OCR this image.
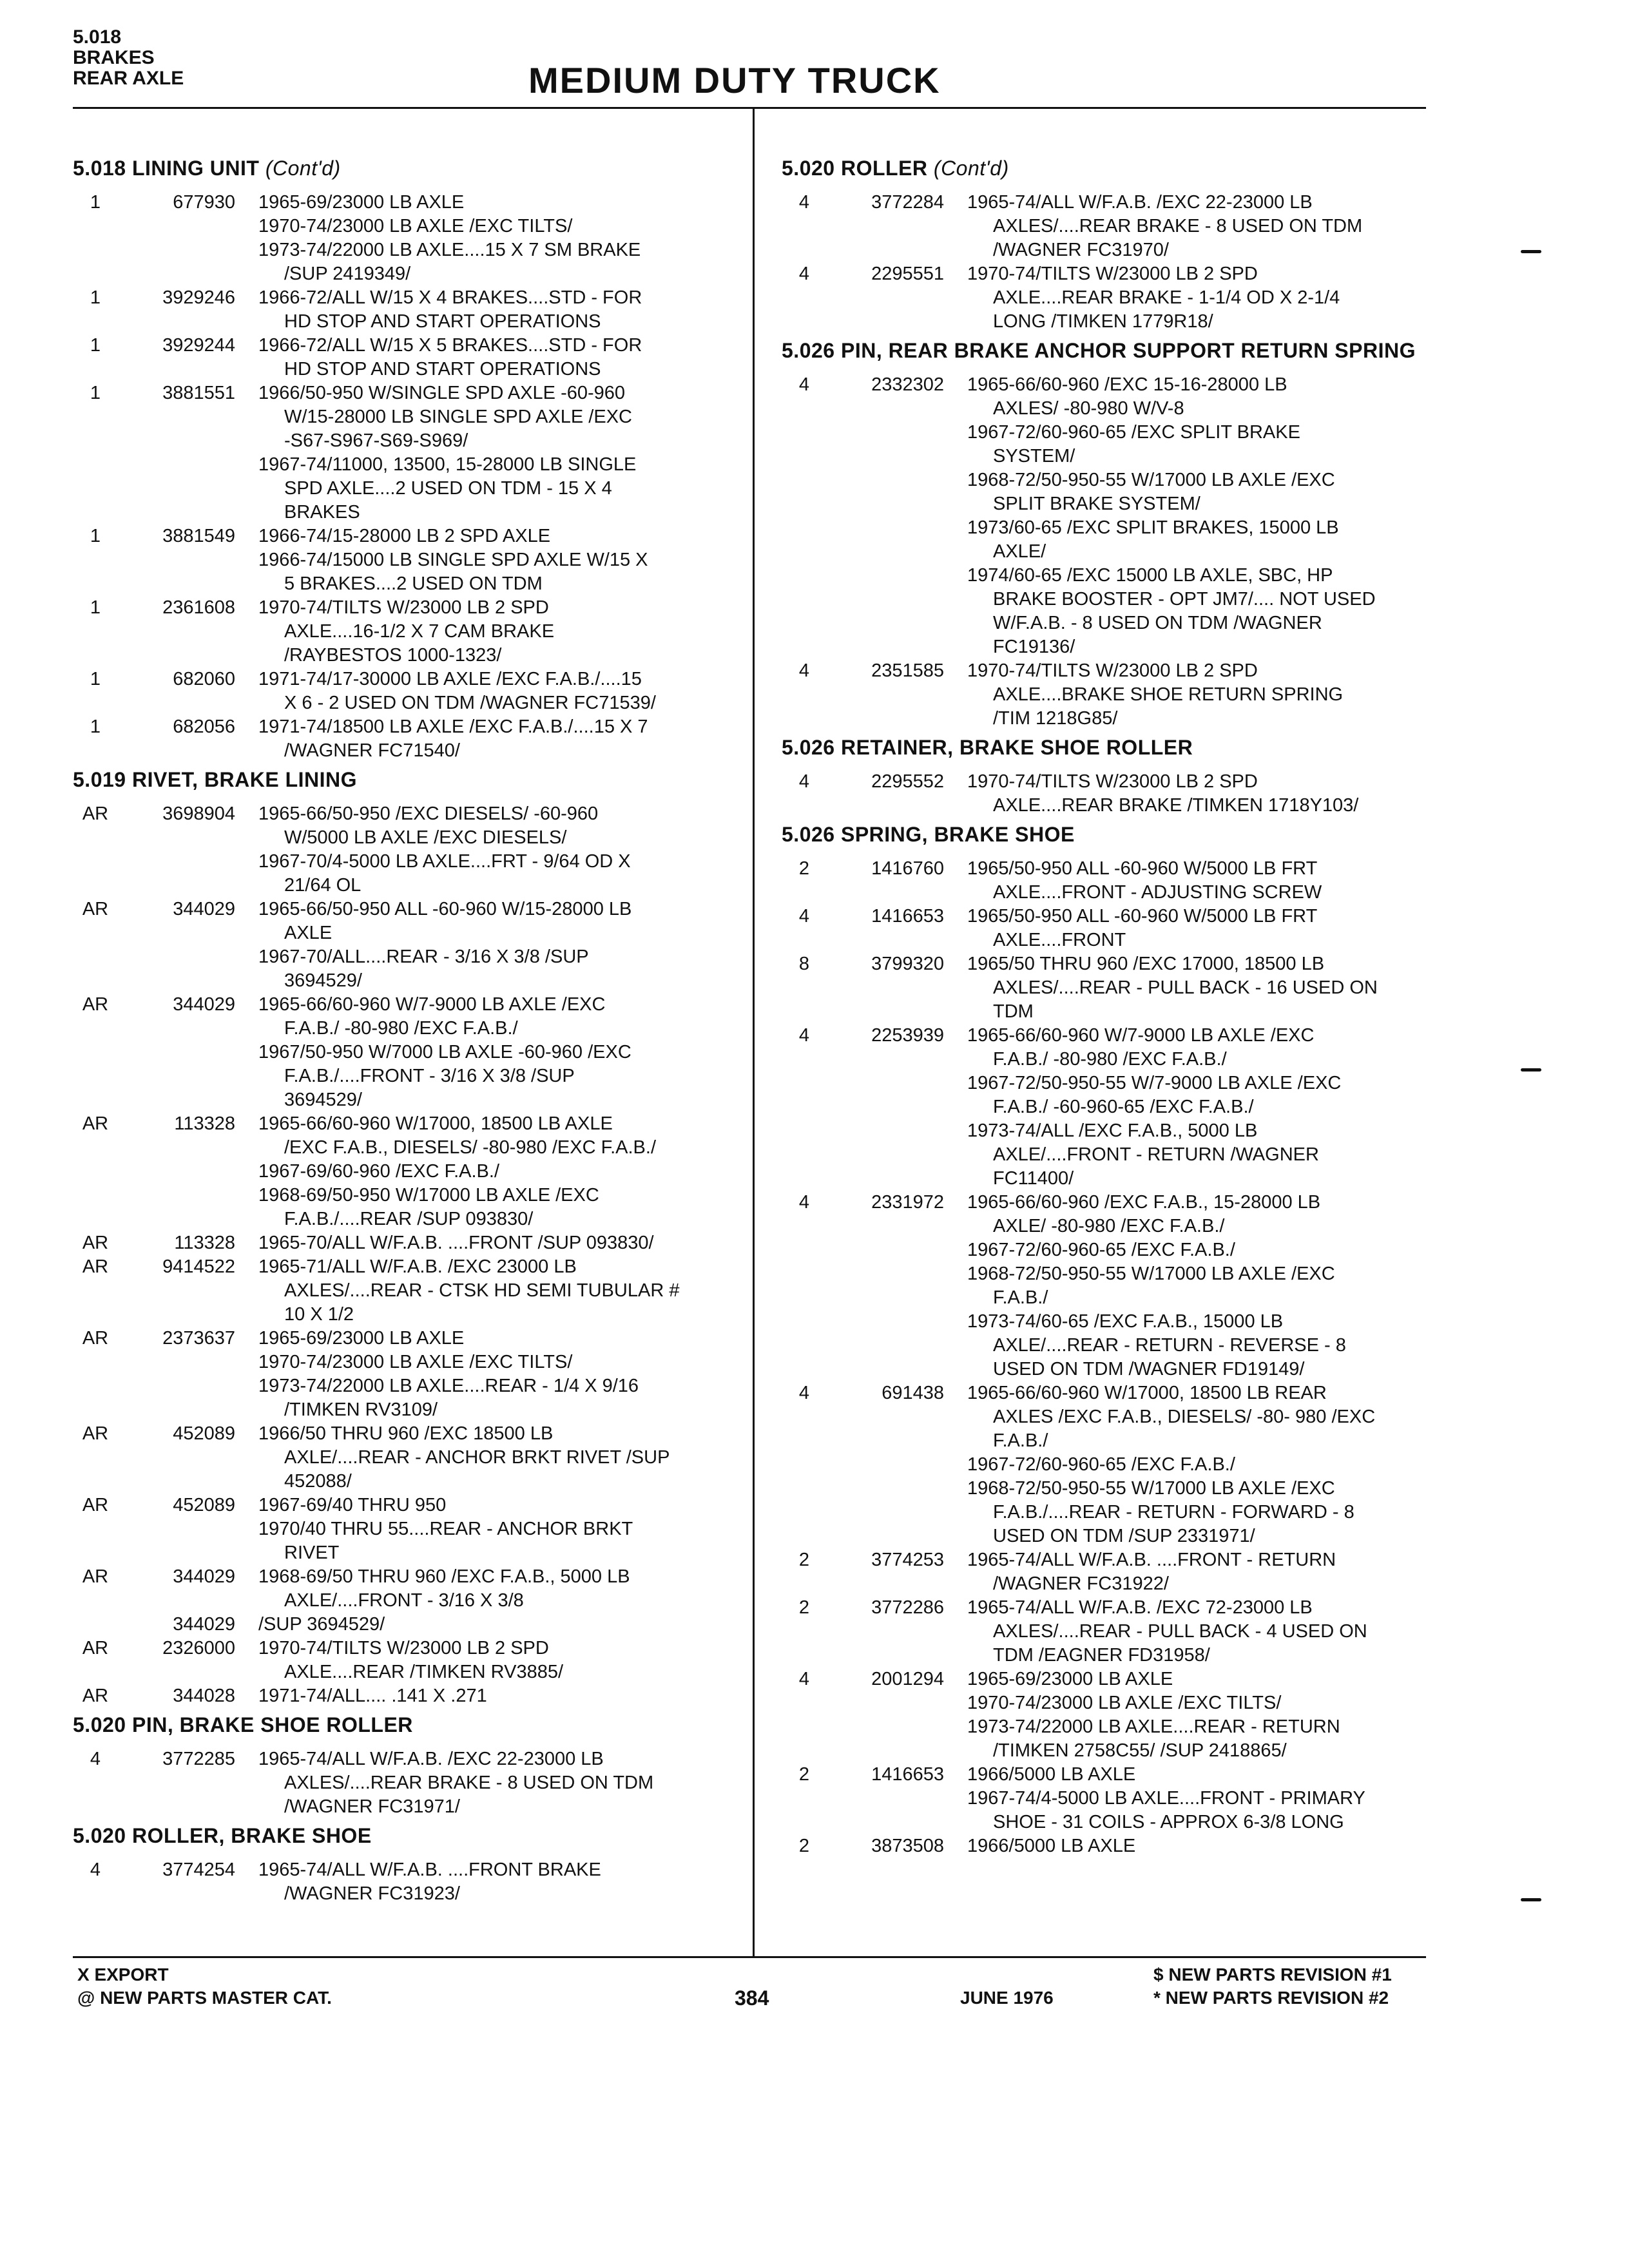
5.018
BRAKES
REAR AXLE	MEDIUM DUTY TRUCK
5.018 LINING UNIT (Cont'd)
1	677930	1965-69/23000 LB AXLE
1970-74/23000 LB AXLE /EXC TILTS/
1973-74/22000 LB AXLE....15 X 7 SM BRAKE
/SUP 2419349/
1	3929246	1966-72/ALL W/15 X 4 BRAKES....STD - FOR
HD STOP AND START OPERATIONS
1	3929244	1966-72/ALL W/15 X 5 BRAKES....STD - FOR
HD STOP AND START OPERATIONS
1	3881551	1966/50-950 W/SINGLE SPD AXLE -60-960
W/15-28000 LB SINGLE SPD AXLE /EXC
-S67-S967-S69-S969/
1967-74/11000, 13500, 15-28000 LB SINGLE
SPD AXLE....2 USED ON TDM - 15 X 4
BRAKES
1	3881549	1966-74/15-28000 LB 2 SPD AXLE
1966-74/15000 LB SINGLE SPD AXLE W/15 X
5 BRAKES....2 USED ON TDM
1	2361608	1970-74/TILTS W/23000 LB 2 SPD
AXLE....16-1/2 X 7 CAM BRAKE
/RAYBESTOS 1000-1323/
1	682060	1971-74/17-30000 LB AXLE /EXC F.A.B./....15
X 6 - 2 USED ON TDM /WAGNER FC71539/
1	682056	1971-74/18500 LB AXLE /EXC F.A.B./....15 X 7
/WAGNER FC71540/
5.019 RIVET, BRAKE LINING
AR	3698904	1965-66/50-950 /EXC DIESELS/ -60-960
W/5000 LB AXLE /EXC DIESELS/
1967-70/4-5000 LB AXLE....FRT - 9/64 OD X
21/64 OL
AR	344029	1965-66/50-950 ALL -60-960 W/15-28000 LB
AXLE
1967-70/ALL....REAR - 3/16 X 3/8 /SUP
3694529/
AR	344029	1965-66/60-960 W/7-9000 LB AXLE /EXC
F.A.B./ -80-980 /EXC F.A.B./
1967/50-950 W/7000 LB AXLE -60-960 /EXC
F.A.B./....FRONT - 3/16 X 3/8 /SUP
3694529/
AR	113328	1965-66/60-960 W/17000, 18500 LB AXLE
/EXC F.A.B., DIESELS/ -80-980 /EXC F.A.B./
1967-69/60-960 /EXC F.A.B./
1968-69/50-950 W/17000 LB AXLE /EXC
F.A.B./....REAR /SUP 093830/
AR	113328	1965-70/ALL W/F.A.B. ....FRONT /SUP 093830/
AR	9414522	1965-71/ALL W/F.A.B. /EXC 23000 LB
AXLES/....REAR - CTSK HD SEMI TUBULAR #
10 X 1/2
AR	2373637	1965-69/23000 LB AXLE
1970-74/23000 LB AXLE /EXC TILTS/
1973-74/22000 LB AXLE....REAR - 1/4 X 9/16
/TIMKEN RV3109/
AR	452089	1966/50 THRU 960 /EXC 18500 LB
AXLE/....REAR - ANCHOR BRKT RIVET /SUP
452088/
AR	452089	1967-69/40 THRU 950
1970/40 THRU 55....REAR - ANCHOR BRKT
RIVET
AR	344029	1968-69/50 THRU 960 /EXC F.A.B., 5000 LB
AXLE/....FRONT - 3/16 X 3/8
344029	/SUP 3694529/
AR	2326000	1970-74/TILTS W/23000 LB 2 SPD
AXLE....REAR /TIMKEN RV3885/
AR	344028	1971-74/ALL.... .141 X .271
5.020 PIN, BRAKE SHOE ROLLER
4	3772285	1965-74/ALL W/F.A.B. /EXC 22-23000 LB
AXLES/....REAR BRAKE - 8 USED ON TDM
/WAGNER FC31971/
5.020 ROLLER, BRAKE SHOE
4	3774254	1965-74/ALL W/F.A.B. ....FRONT BRAKE
/WAGNER FC31923/
5.020 ROLLER (Cont'd)
4	3772284	1965-74/ALL W/F.A.B. /EXC 22-23000 LB
AXLES/....REAR BRAKE - 8 USED ON TDM
/WAGNER FC31970/
4	2295551	1970-74/TILTS W/23000 LB 2 SPD
AXLE....REAR BRAKE - 1-1/4 OD X 2-1/4
LONG /TIMKEN 1779R18/
5.026 PIN, REAR BRAKE ANCHOR SUPPORT RETURN SPRING
4	2332302	1965-66/60-960 /EXC 15-16-28000 LB
AXLES/ -80-980 W/V-8
1967-72/60-960-65 /EXC SPLIT BRAKE
SYSTEM/
1968-72/50-950-55 W/17000 LB AXLE /EXC
SPLIT BRAKE SYSTEM/
1973/60-65 /EXC SPLIT BRAKES, 15000 LB
AXLE/
1974/60-65 /EXC 15000 LB AXLE, SBC, HP
BRAKE BOOSTER - OPT JM7/.... NOT USED
W/F.A.B. - 8 USED ON TDM /WAGNER
FC19136/
4	2351585	1970-74/TILTS W/23000 LB 2 SPD
AXLE....BRAKE SHOE RETURN SPRING
/TIM 1218G85/
5.026 RETAINER, BRAKE SHOE ROLLER
4	2295552	1970-74/TILTS W/23000 LB 2 SPD
AXLE....REAR BRAKE /TIMKEN 1718Y103/
5.026 SPRING, BRAKE SHOE
2	1416760	1965/50-950 ALL -60-960 W/5000 LB FRT
AXLE....FRONT - ADJUSTING SCREW
4	1416653	1965/50-950 ALL -60-960 W/5000 LB FRT
AXLE....FRONT
8	3799320	1965/50 THRU 960 /EXC 17000, 18500 LB
AXLES/....REAR - PULL BACK - 16 USED ON
TDM
4	2253939	1965-66/60-960 W/7-9000 LB AXLE /EXC
F.A.B./ -80-980 /EXC F.A.B./
1967-72/50-950-55 W/7-9000 LB AXLE /EXC
F.A.B./ -60-960-65 /EXC F.A.B./
1973-74/ALL /EXC F.A.B., 5000 LB
AXLE/....FRONT - RETURN /WAGNER
FC11400/
4	2331972	1965-66/60-960 /EXC F.A.B., 15-28000 LB
AXLE/ -80-980 /EXC F.A.B./
1967-72/60-960-65 /EXC F.A.B./
1968-72/50-950-55 W/17000 LB AXLE /EXC
F.A.B./
1973-74/60-65 /EXC F.A.B., 15000 LB
AXLE/....REAR - RETURN - REVERSE - 8
USED ON TDM /WAGNER FD19149/
4	691438	1965-66/60-960 W/17000, 18500 LB REAR
AXLES /EXC F.A.B., DIESELS/ -80- 980 /EXC
F.A.B./
1967-72/60-960-65 /EXC F.A.B./
1968-72/50-950-55 W/17000 LB AXLE /EXC
F.A.B./....REAR - RETURN - FORWARD - 8
USED ON TDM /SUP 2331971/
2	3774253	1965-74/ALL W/F.A.B. ....FRONT - RETURN
/WAGNER FC31922/
2	3772286	1965-74/ALL W/F.A.B. /EXC 72-23000 LB
AXLES/....REAR - PULL BACK - 4 USED ON
TDM /EAGNER FD31958/
4	2001294	1965-69/23000 LB AXLE
1970-74/23000 LB AXLE /EXC TILTS/
1973-74/22000 LB AXLE....REAR - RETURN
/TIMKEN 2758C55/ /SUP 2418865/
2	1416653	1966/5000 LB AXLE
1967-74/4-5000 LB AXLE....FRONT - PRIMARY
SHOE - 31 COILS - APPROX 6-3/8 LONG
2	3873508	1966/5000 LB AXLE
X EXPORT
@ NEW PARTS MASTER CAT.	384	JUNE 1976
$ NEW PARTS REVISION #1
* NEW PARTS REVISION #2
